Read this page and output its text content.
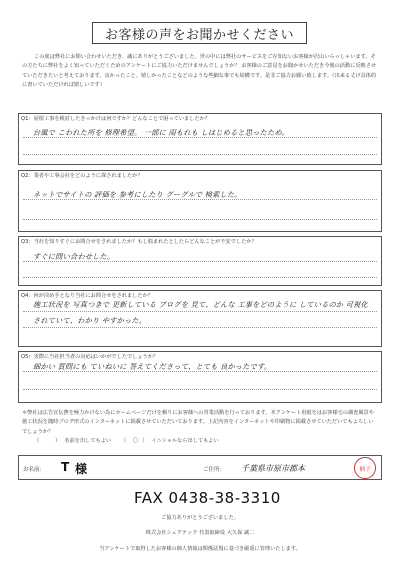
お客様の声をお聞かせください
この度は弊社にお問い合わせいただき、誠にありがとうございました。世の中には弊社のサービスをご存知ないお客様が沢山いらっしゃいます。その方たちに弊社をよく知っていただくためのアンケートにご協力いただけませんでしょうか？ お客様のご意見をお聞かせいただき今後の活動に反映させていただきたいと考えております。良かったこと、嬉しかったことなどのような些細な事でも結構です。是非ご協力お願い致します。（出来る丈け具体的に書いていただければ嬉しいです）
Q1：屋根工事を検討したきっかけは何ですか？どんなことで困っていましたか？
台風で こわれた所を 修理希望。 一部に 雨もれも しはじめると思ったため。
Q2：業者や工事会社をどのように探されましたか？
ネットでサイトの 評価を 参考にしたり グーグルで 検索した。
Q3：当社を知りすぐにお問合せをされましたか？もし悩まれたとしたらどんなことが不安でしたか？
すぐに問い合わせした。
Q4：何が決め手となり当社にお問合せをされましたか？
施工状況を 写真つきで 更新している ブログを 見て、どんな 工事をどのように しているのか 可視化
されていて、わかり やすかった。
Q5：実際に当社担当者の対応はいかがでしたでしょうか？
細かい 質問にも ていねいに 答えてくださって、とても 良かったです。
＊弊社は広告宣伝費を極力かけない為にホームページだけを頼りにお客様への営業活動を行っております。本アンケート用紙をはお客様宅の調査風景や施工状況を随時ブログ形式のインターネットに掲載させていただいております。上記内容をインターネットや印刷物に掲載させていただいてもよろしいでしょうか？
（	） 名前を出してもよい （ 〇 ） イニシャルなら出してもよい
お名前： T 様	ご住所： 千葉県市原市郡本	袖子
FAX 0438-38-3310
ご協力ありがとうございました。
株式会社シェアテック 代表取締役 大久保 誠二
当アンケートで取得したお客様の個人情報は関係法規に基づき厳重に管理いたします。
